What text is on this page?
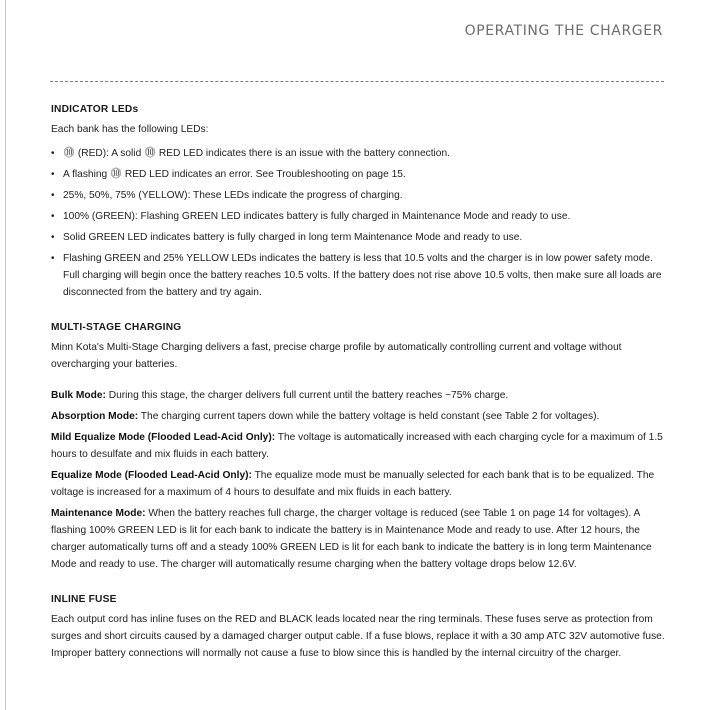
OPERATING THE CHARGER
INDICATOR LEDs

Each bank has the following LEDs:

• ⓾ (RED): A solid ⓾ RED LED indicates there is an issue with the battery connection.
• A flashing ⓾ RED LED indicates an error. See Troubleshooting on page 15.
• 25%, 50%, 75% (YELLOW): These LEDs indicate the progress of charging.
• 100% (GREEN): Flashing GREEN LED indicates battery is fully charged in Maintenance Mode and ready to use.
• Solid GREEN LED indicates battery is fully charged in long term Maintenance Mode and ready to use.
• Flashing GREEN and 25% YELLOW LEDs indicates the battery is less that 10.5 volts and the charger is in low power safety mode. Full charging will begin once the battery reaches 10.5 volts. If the battery does not rise above 10.5 volts, then make sure all loads are disconnected from the battery and try again.
MULTI-STAGE CHARGING

Minn Kota's Multi-Stage Charging delivers a fast, precise charge profile by automatically controlling current and voltage without overcharging your batteries.

Bulk Mode: During this stage, the charger delivers full current until the battery reaches ~75% charge.

Absorption Mode: The charging current tapers down while the battery voltage is held constant (see Table 2 for voltages).

Mild Equalize Mode (Flooded Lead-Acid Only): The voltage is automatically increased with each charging cycle for a maximum of 1.5 hours to desulfate and mix fluids in each battery.

Equalize Mode (Flooded Lead-Acid Only): The equalize mode must be manually selected for each bank that is to be equalized. The voltage is increased for a maximum of 4 hours to desulfate and mix fluids in each battery.

Maintenance Mode: When the battery reaches full charge, the charger voltage is reduced (see Table 1 on page 14 for voltages). A flashing 100% GREEN LED is lit for each bank to indicate the battery is in Maintenance Mode and ready to use. After 12 hours, the charger automatically turns off and a steady 100% GREEN LED is lit for each bank to indicate the battery is in long term Maintenance Mode and ready to use. The charger will automatically resume charging when the battery voltage drops below 12.6V.

INLINE FUSE

Each output cord has inline fuses on the RED and BLACK leads located near the ring terminals. These fuses serve as protection from surges and short circuits caused by a damaged charger output cable. If a fuse blows, replace it with a 30 amp ATC 32V automotive fuse. Improper battery connections will normally not cause a fuse to blow since this is handled by the internal circuitry of the charger.
